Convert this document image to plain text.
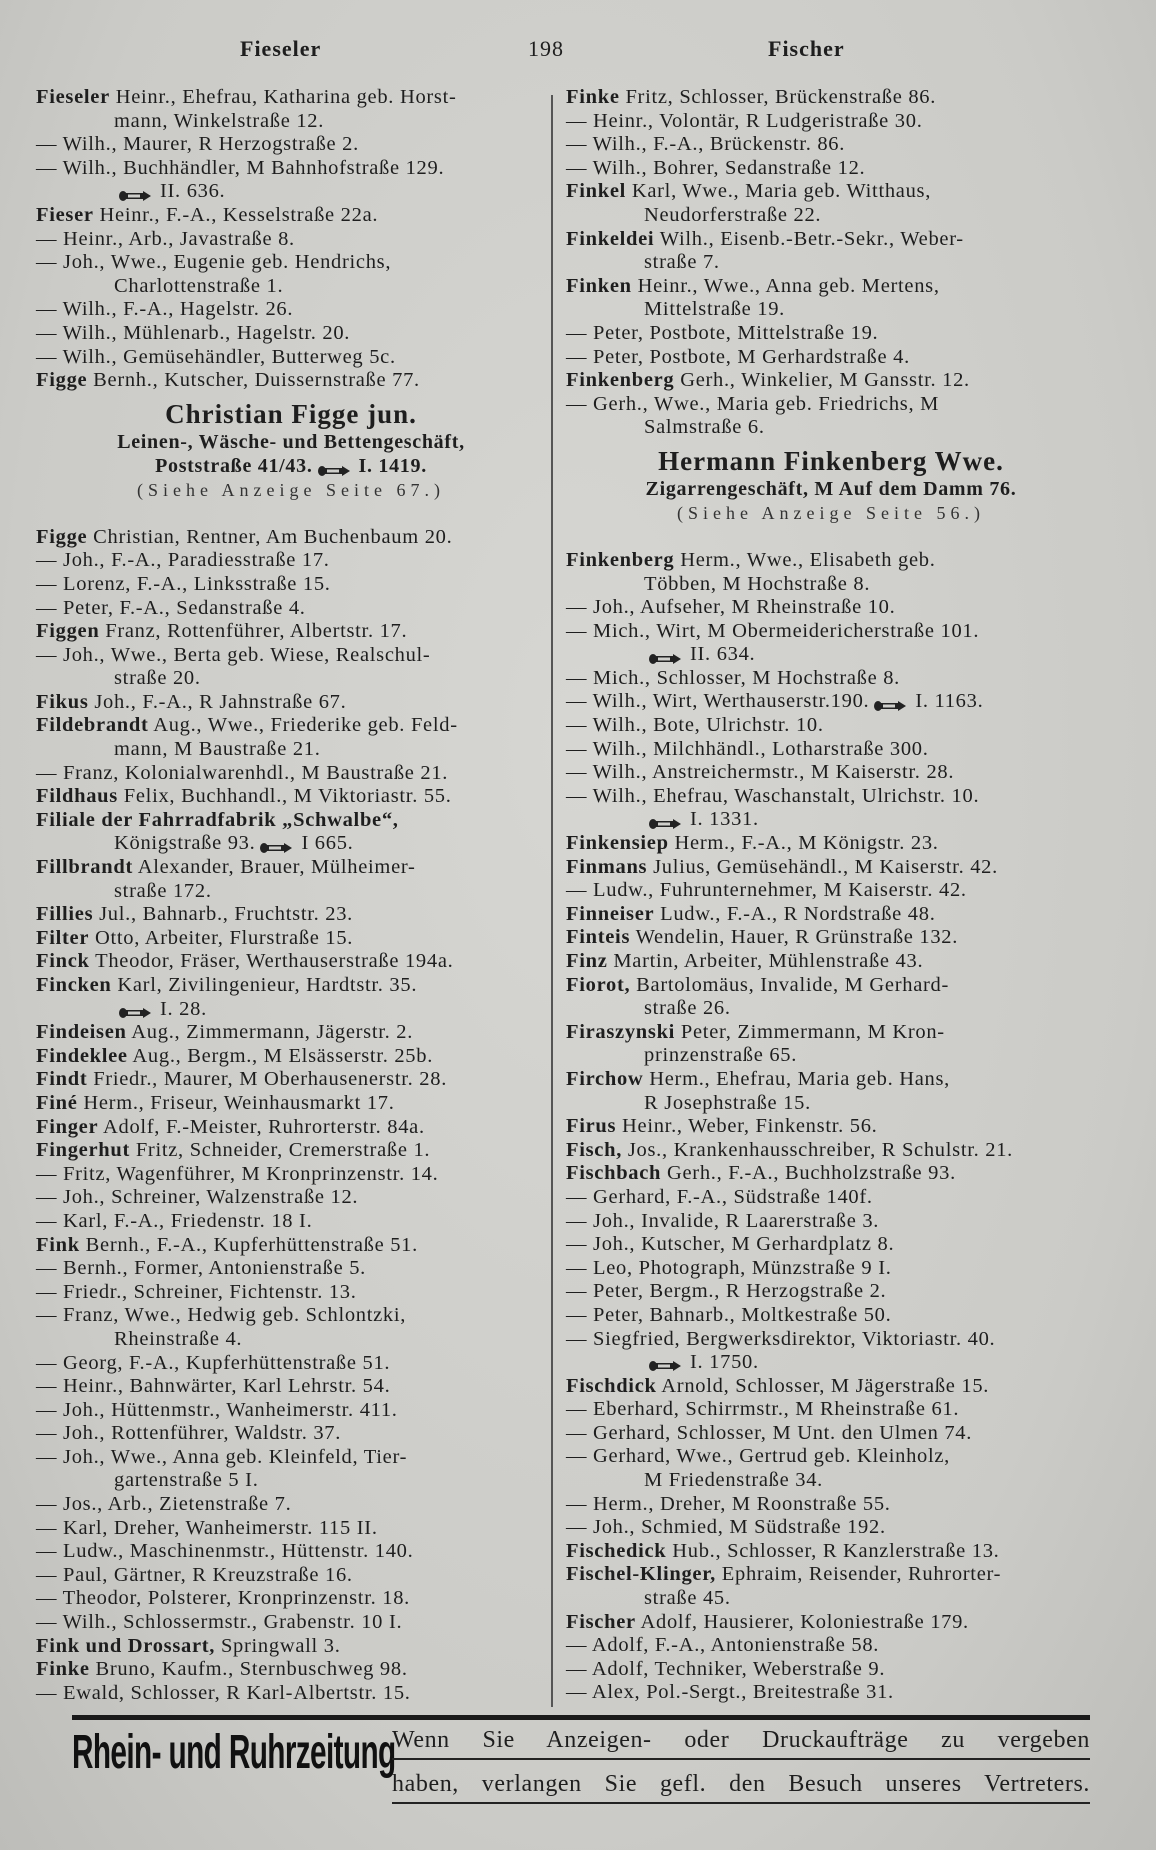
Fieseler	198	Fischer
Fieseler Heinr., Ehefrau, Katharina geb. Horst-
mann, Winkelstraße 12.
— Wilh., Maurer, R Herzogstraße 2.
— Wilh., Buchhändler, M Bahnhofstraße 129.
II. 636.
Fieser Heinr., F.-A., Kesselstraße 22a.
— Heinr., Arb., Javastraße 8.
— Joh., Wwe., Eugenie geb. Hendrichs,
Charlottenstraße 1.
— Wilh., F.-A., Hagelstr. 26.
— Wilh., Mühlenarb., Hagelstr. 20.
— Wilh., Gemüsehändler, Butterweg 5c.
Figge Bernh., Kutscher, Duissernstraße 77.
Christian Figge jun.
Leinen-, Wäsche- und Bettengeschäft,
Poststraße 41/43. I. 1419.
(Siehe Anzeige Seite 67.)
Figge Christian, Rentner, Am Buchenbaum 20.
— Joh., F.-A., Paradiesstraße 17.
— Lorenz, F.-A., Linksstraße 15.
— Peter, F.-A., Sedanstraße 4.
Figgen Franz, Rottenführer, Albertstr. 17.
— Joh., Wwe., Berta geb. Wiese, Realschul-
straße 20.
Fikus Joh., F.-A., R Jahnstraße 67.
Fildebrandt Aug., Wwe., Friederike geb. Feld-
mann, M Baustraße 21.
— Franz, Kolonialwarenhdl., M Baustraße 21.
Fildhaus Felix, Buchhandl., M Viktoriastr. 55.
Filiale der Fahrradfabrik „Schwalbe“,
Königstraße 93. I 665.
Fillbrandt Alexander, Brauer, Mülheimer-
straße 172.
Fillies Jul., Bahnarb., Fruchtstr. 23.
Filter Otto, Arbeiter, Flurstraße 15.
Finck Theodor, Fräser, Werthauserstraße 194a.
Fincken Karl, Zivilingenieur, Hardtstr. 35.
I. 28.
Findeisen Aug., Zimmermann, Jägerstr. 2.
Findeklee Aug., Bergm., M Elsässerstr. 25b.
Findt Friedr., Maurer, M Oberhausenerstr. 28.
Finé Herm., Friseur, Weinhausmarkt 17.
Finger Adolf, F.-Meister, Ruhrorterstr. 84a.
Fingerhut Fritz, Schneider, Cremerstraße 1.
— Fritz, Wagenführer, M Kronprinzenstr. 14.
— Joh., Schreiner, Walzenstraße 12.
— Karl, F.-A., Friedenstr. 18 I.
Fink Bernh., F.-A., Kupferhüttenstraße 51.
— Bernh., Former, Antonienstraße 5.
— Friedr., Schreiner, Fichtenstr. 13.
— Franz, Wwe., Hedwig geb. Schlontzki,
Rheinstraße 4.
— Georg, F.-A., Kupferhüttenstraße 51.
— Heinr., Bahnwärter, Karl Lehrstr. 54.
— Joh., Hüttenmstr., Wanheimerstr. 411.
— Joh., Rottenführer, Waldstr. 37.
— Joh., Wwe., Anna geb. Kleinfeld, Tier-
gartenstraße 5 I.
— Jos., Arb., Zietenstraße 7.
— Karl, Dreher, Wanheimerstr. 115 II.
— Ludw., Maschinenmstr., Hüttenstr. 140.
— Paul, Gärtner, R Kreuzstraße 16.
— Theodor, Polsterer, Kronprinzenstr. 18.
— Wilh., Schlossermstr., Grabenstr. 10 I.
Fink und Drossart, Springwall 3.
Finke Bruno, Kaufm., Sternbuschweg 98.
— Ewald, Schlosser, R Karl-Albertstr. 15.
Finke Fritz, Schlosser, Brückenstraße 86.
— Heinr., Volontär, R Ludgeristraße 30.
— Wilh., F.-A., Brückenstr. 86.
— Wilh., Bohrer, Sedanstraße 12.
Finkel Karl, Wwe., Maria geb. Witthaus,
Neudorferstraße 22.
Finkeldei Wilh., Eisenb.-Betr.-Sekr., Weber-
straße 7.
Finken Heinr., Wwe., Anna geb. Mertens,
Mittelstraße 19.
— Peter, Postbote, Mittelstraße 19.
— Peter, Postbote, M Gerhardstraße 4.
Finkenberg Gerh., Winkelier, M Gansstr. 12.
— Gerh., Wwe., Maria geb. Friedrichs, M
Salmstraße 6.
Hermann Finkenberg Wwe.
Zigarrengeschäft, M Auf dem Damm 76.
(Siehe Anzeige Seite 56.)
Finkenberg Herm., Wwe., Elisabeth geb.
Többen, M Hochstraße 8.
— Joh., Aufseher, M Rheinstraße 10.
— Mich., Wirt, M Obermeidericherstraße 101.
II. 634.
— Mich., Schlosser, M Hochstraße 8.
— Wilh., Wirt, Werthauserstr.190. I. 1163.
— Wilh., Bote, Ulrichstr. 10.
— Wilh., Milchhändl., Lotharstraße 300.
— Wilh., Anstreichermstr., M Kaiserstr. 28.
— Wilh., Ehefrau, Waschanstalt, Ulrichstr. 10.
I. 1331.
Finkensiep Herm., F.-A., M Königstr. 23.
Finmans Julius, Gemüsehändl., M Kaiserstr. 42.
— Ludw., Fuhrunternehmer, M Kaiserstr. 42.
Finneiser Ludw., F.-A., R Nordstraße 48.
Finteis Wendelin, Hauer, R Grünstraße 132.
Finz Martin, Arbeiter, Mühlenstraße 43.
Fiorot, Bartolomäus, Invalide, M Gerhard-
straße 26.
Firaszynski Peter, Zimmermann, M Kron-
prinzenstraße 65.
Firchow Herm., Ehefrau, Maria geb. Hans,
R Josephstraße 15.
Firus Heinr., Weber, Finkenstr. 56.
Fisch, Jos., Krankenhausschreiber, R Schulstr. 21.
Fischbach Gerh., F.-A., Buchholzstraße 93.
— Gerhard, F.-A., Südstraße 140f.
— Joh., Invalide, R Laarerstraße 3.
— Joh., Kutscher, M Gerhardplatz 8.
— Leo, Photograph, Münzstraße 9 I.
— Peter, Bergm., R Herzogstraße 2.
— Peter, Bahnarb., Moltkestraße 50.
— Siegfried, Bergwerksdirektor, Viktoriastr. 40.
I. 1750.
Fischdick Arnold, Schlosser, M Jägerstraße 15.
— Eberhard, Schirrmstr., M Rheinstraße 61.
— Gerhard, Schlosser, M Unt. den Ulmen 74.
— Gerhard, Wwe., Gertrud geb. Kleinholz,
M Friedenstraße 34.
— Herm., Dreher, M Roonstraße 55.
— Joh., Schmied, M Südstraße 192.
Fischedick Hub., Schlosser, R Kanzlerstraße 13.
Fischel-Klinger, Ephraim, Reisender, Ruhrorter-
straße 45.
Fischer Adolf, Hausierer, Koloniestraße 179.
— Adolf, F.-A., Antonienstraße 58.
— Adolf, Techniker, Weberstraße 9.
— Alex, Pol.-Sergt., Breitestraße 31.
Rhein- und Ruhrzeitung
Wenn Sie Anzeigen- oder Druckaufträge zu vergeben
haben, verlangen Sie gefl. den Besuch unseres Vertreters.
